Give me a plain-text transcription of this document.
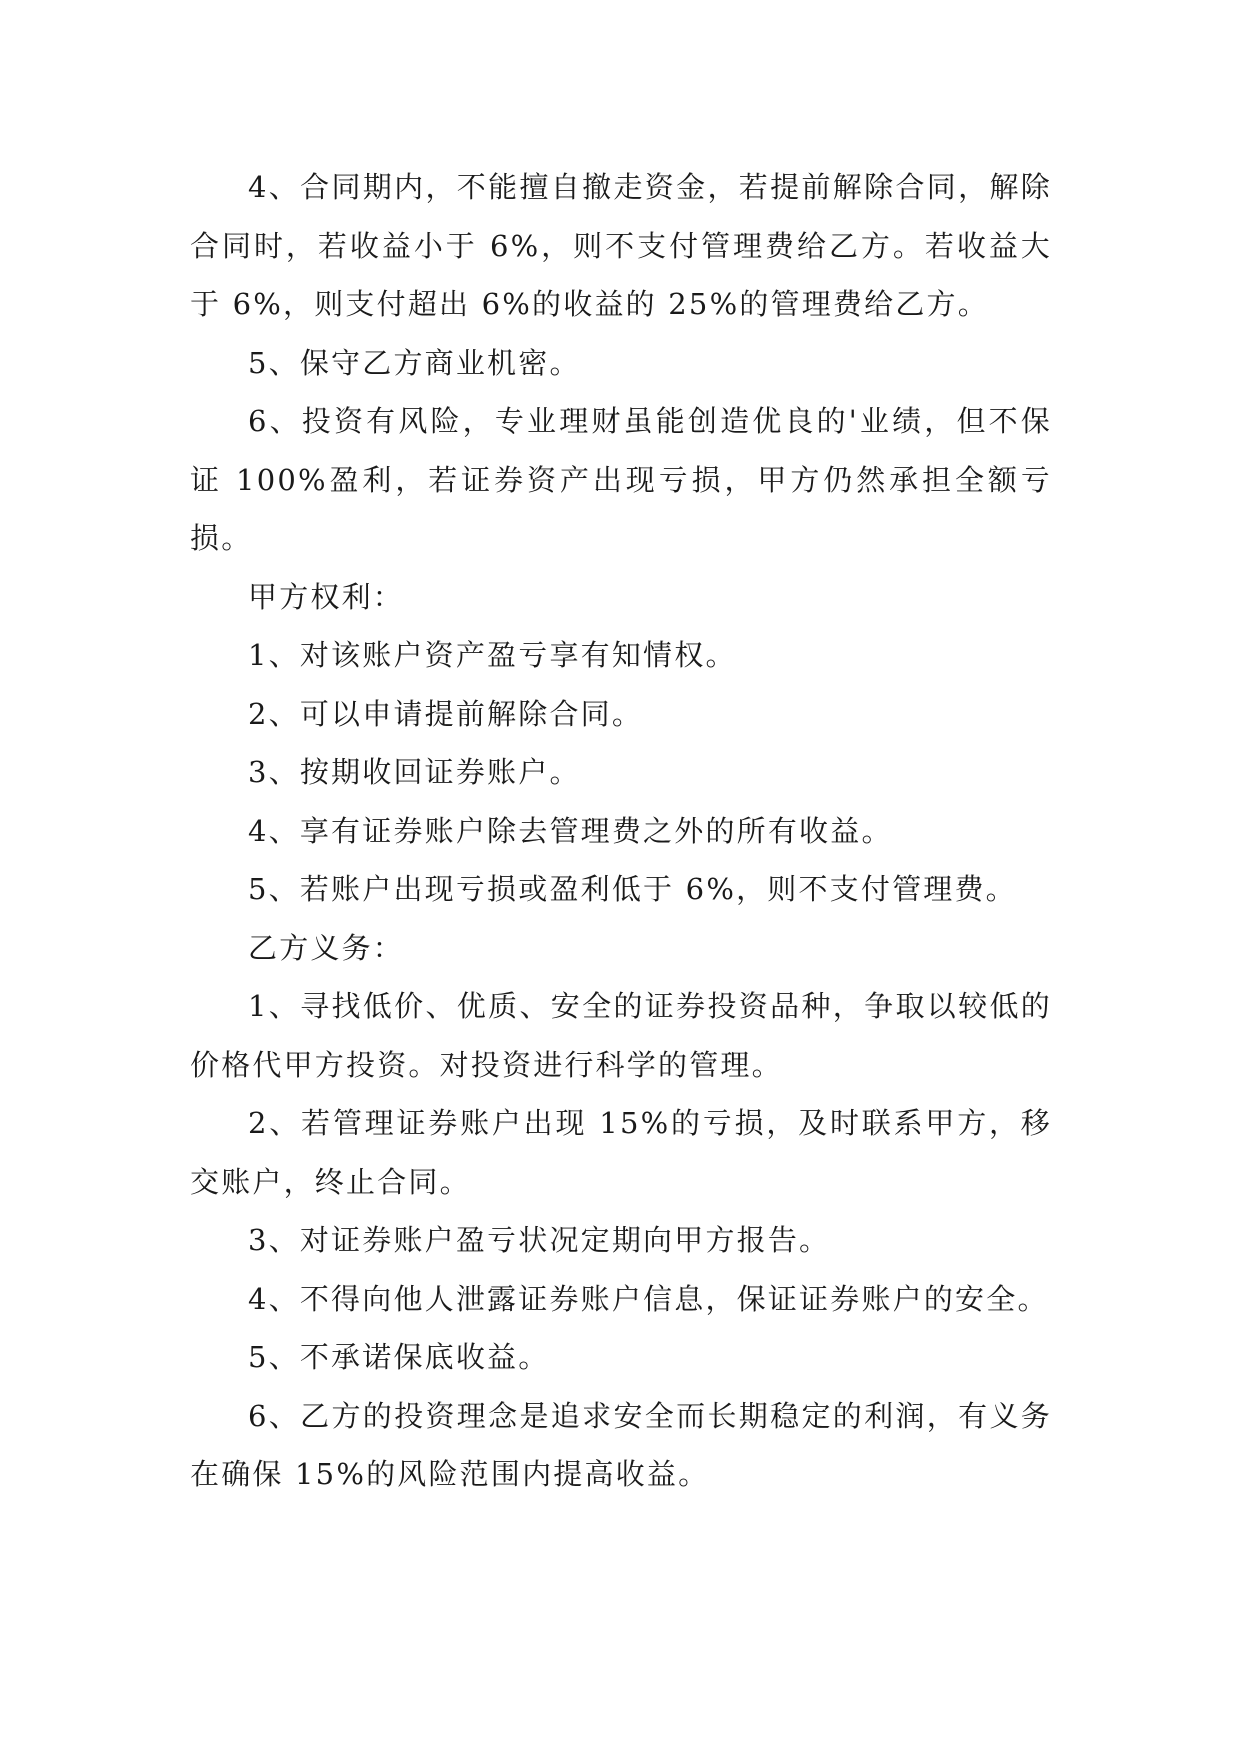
4、合同期内，不能擅自撤走资金，若提前解除合同，解除合同时，若收益小于 6%，则不支付管理费给乙方。若收益大于 6%，则支付超出 6%的收益的 25%的管理费给乙方。

5、保守乙方商业机密。

6、投资有风险，专业理财虽能创造优良的'业绩，但不保证 100%盈利，若证券资产出现亏损，甲方仍然承担全额亏损。

甲方权利：

1、对该账户资产盈亏享有知情权。

2、可以申请提前解除合同。

3、按期收回证券账户。

4、享有证券账户除去管理费之外的所有收益。

5、若账户出现亏损或盈利低于 6%，则不支付管理费。

乙方义务：

1、寻找低价、优质、安全的证券投资品种，争取以较低的价格代甲方投资。对投资进行科学的管理。

2、若管理证券账户出现 15%的亏损，及时联系甲方，移交账户，终止合同。

3、对证券账户盈亏状况定期向甲方报告。

4、不得向他人泄露证券账户信息，保证证券账户的安全。

5、不承诺保底收益。

6、乙方的投资理念是追求安全而长期稳定的利润，有义务在确保 15%的风险范围内提高收益。
